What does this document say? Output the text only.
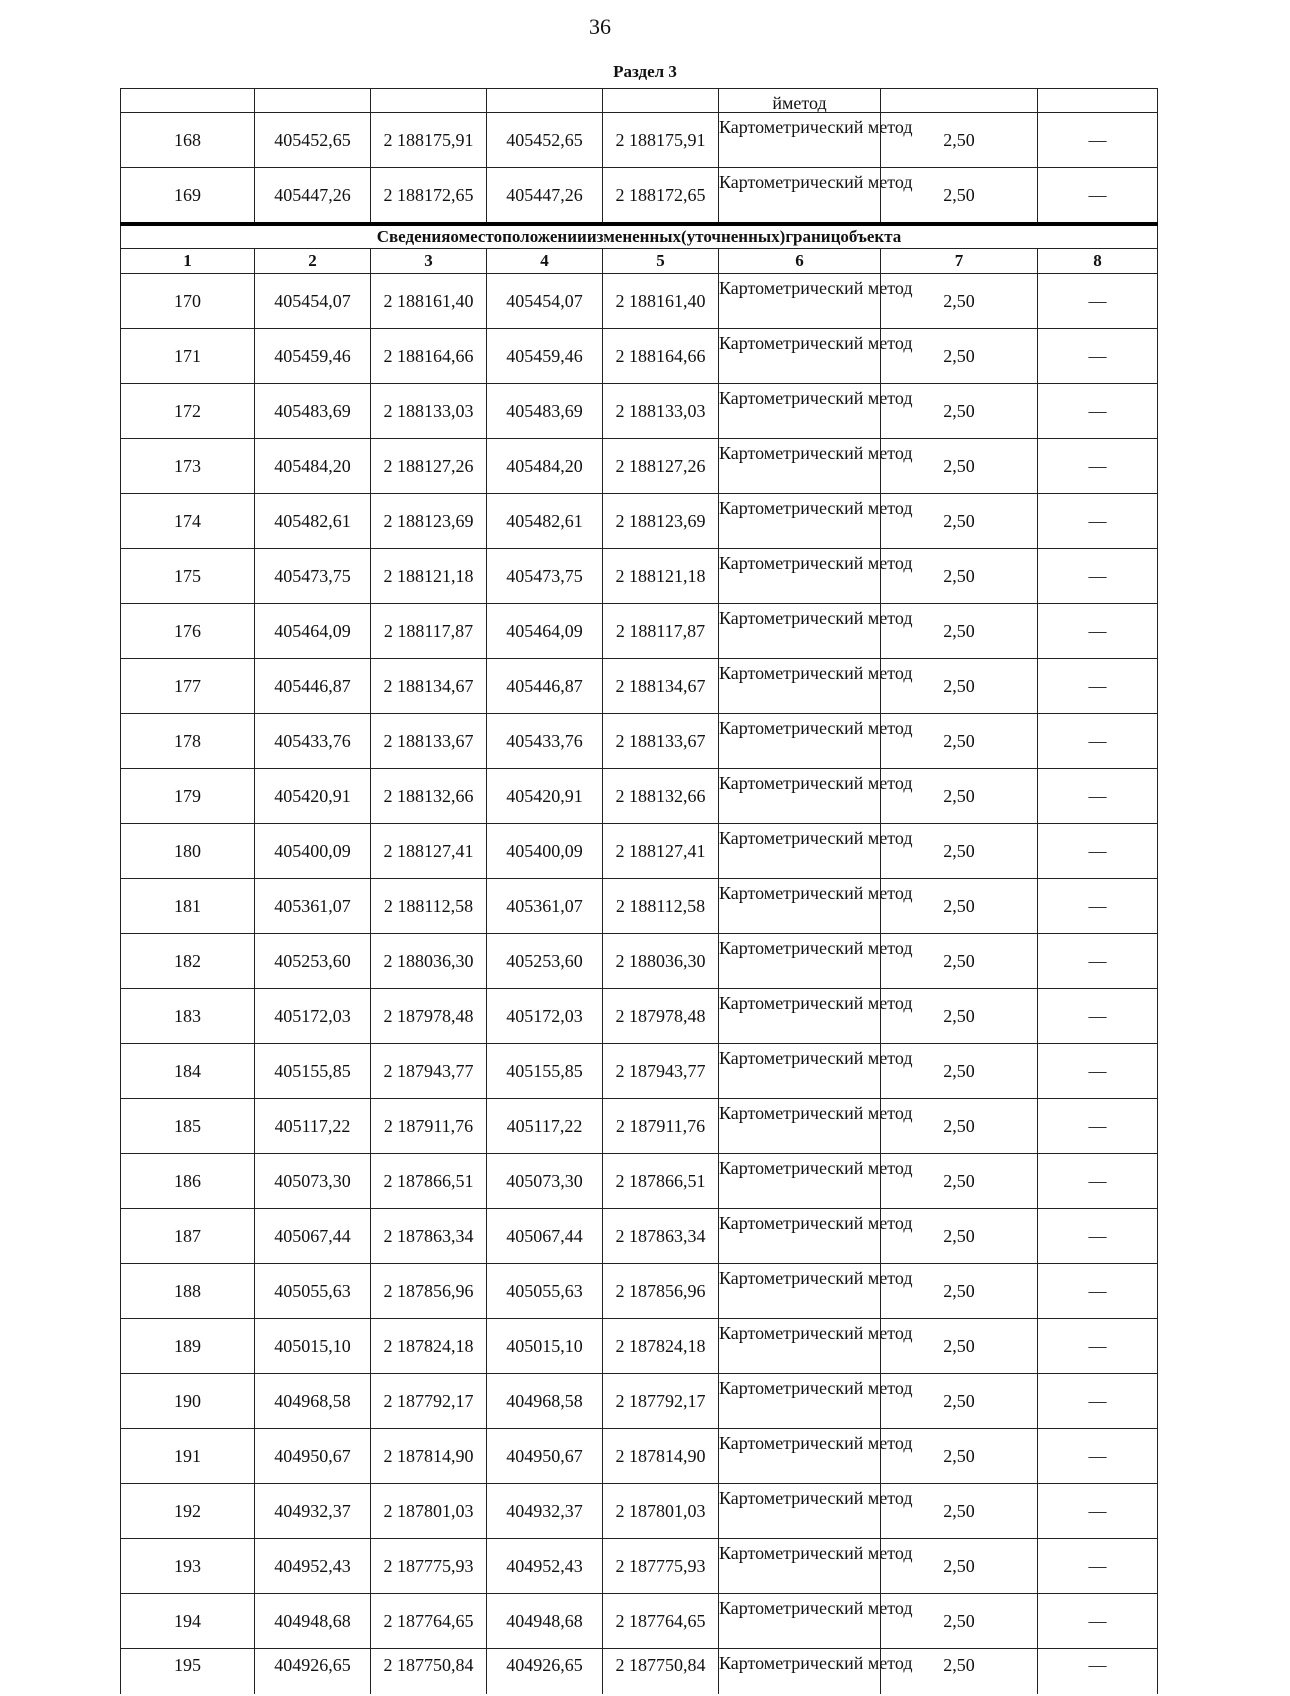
36
Раздел 3
					йметод		
168	405452,65	2 188175,91	405452,65	2 188175,91	Картометрический метод	2,50	—
169	405447,26	2 188172,65	405447,26	2 188172,65	Картометрический метод	2,50	—
Сведенияоместоположенииизмененных(уточненных)границобъекта							
1	2	3	4	5	6	7	8
170	405454,07	2 188161,40	405454,07	2 188161,40	Картометрический метод	2,50	—
171	405459,46	2 188164,66	405459,46	2 188164,66	Картометрический метод	2,50	—
172	405483,69	2 188133,03	405483,69	2 188133,03	Картометрический метод	2,50	—
173	405484,20	2 188127,26	405484,20	2 188127,26	Картометрический метод	2,50	—
174	405482,61	2 188123,69	405482,61	2 188123,69	Картометрический метод	2,50	—
175	405473,75	2 188121,18	405473,75	2 188121,18	Картометрический метод	2,50	—
176	405464,09	2 188117,87	405464,09	2 188117,87	Картометрический метод	2,50	—
177	405446,87	2 188134,67	405446,87	2 188134,67	Картометрический метод	2,50	—
178	405433,76	2 188133,67	405433,76	2 188133,67	Картометрический метод	2,50	—
179	405420,91	2 188132,66	405420,91	2 188132,66	Картометрический метод	2,50	—
180	405400,09	2 188127,41	405400,09	2 188127,41	Картометрический метод	2,50	—
181	405361,07	2 188112,58	405361,07	2 188112,58	Картометрический метод	2,50	—
182	405253,60	2 188036,30	405253,60	2 188036,30	Картометрический метод	2,50	—
183	405172,03	2 187978,48	405172,03	2 187978,48	Картометрический метод	2,50	—
184	405155,85	2 187943,77	405155,85	2 187943,77	Картометрический метод	2,50	—
185	405117,22	2 187911,76	405117,22	2 187911,76	Картометрический метод	2,50	—
186	405073,30	2 187866,51	405073,30	2 187866,51	Картометрический метод	2,50	—
187	405067,44	2 187863,34	405067,44	2 187863,34	Картометрический метод	2,50	—
188	405055,63	2 187856,96	405055,63	2 187856,96	Картометрический метод	2,50	—
189	405015,10	2 187824,18	405015,10	2 187824,18	Картометрический метод	2,50	—
190	404968,58	2 187792,17	404968,58	2 187792,17	Картометрический метод	2,50	—
191	404950,67	2 187814,90	404950,67	2 187814,90	Картометрический метод	2,50	—
192	404932,37	2 187801,03	404932,37	2 187801,03	Картометрический метод	2,50	—
193	404952,43	2 187775,93	404952,43	2 187775,93	Картометрический метод	2,50	—
194	404948,68	2 187764,65	404948,68	2 187764,65	Картометрический метод	2,50	—
195	404926,65	2 187750,84	404926,65	2 187750,84	Картометрический метод	2,50	—
